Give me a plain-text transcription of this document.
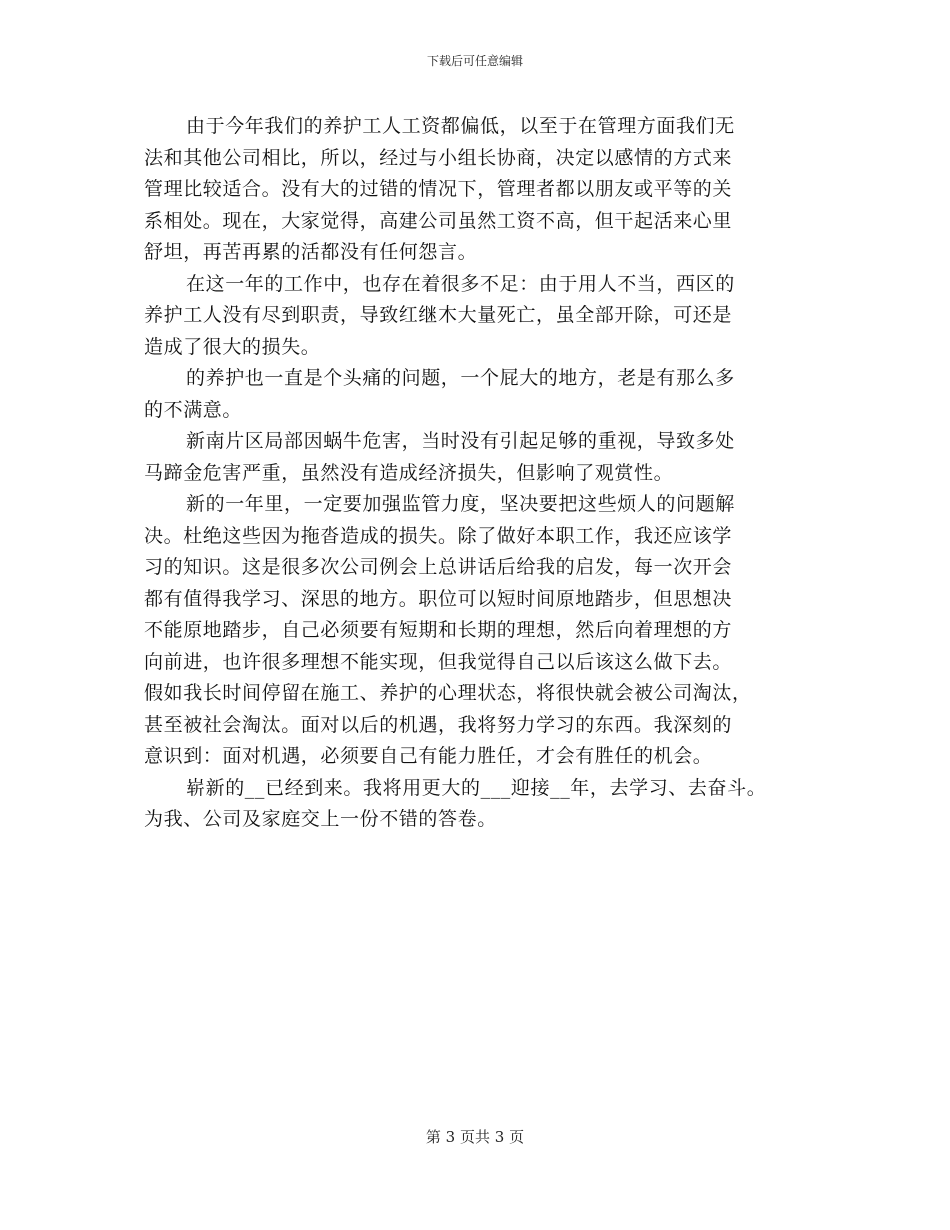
下载后可任意编辑
由于今年我们的养护工人工资都偏低，以至于在管理方面我们无
法和其他公司相比，所以，经过与小组长协商，决定以感情的方式来
管理比较适合。没有大的过错的情况下，管理者都以朋友或平等的关
系相处。现在，大家觉得，高建公司虽然工资不高，但干起活来心里
舒坦，再苦再累的活都没有任何怨言。
在这一年的工作中，也存在着很多不足：由于用人不当，西区的
养护工人没有尽到职责，导致红继木大量死亡，虽全部开除，可还是
造成了很大的损失。
的养护也一直是个头痛的问题，一个屁大的地方，老是有那么多
的不满意。
新南片区局部因蜗牛危害，当时没有引起足够的重视，导致多处
马蹄金危害严重，虽然没有造成经济损失，但影响了观赏性。
新的一年里，一定要加强监管力度，坚决要把这些烦人的问题解
决。杜绝这些因为拖沓造成的损失。除了做好本职工作，我还应该学
习的知识。这是很多次公司例会上总讲话后给我的启发，每一次开会
都有值得我学习、深思的地方。职位可以短时间原地踏步，但思想决
不能原地踏步，自己必须要有短期和长期的理想，然后向着理想的方
向前进，也许很多理想不能实现，但我觉得自己以后该这么做下去。
假如我长时间停留在施工、养护的心理状态，将很快就会被公司淘汰，
甚至被社会淘汰。面对以后的机遇，我将努力学习的东西。我深刻的
意识到：面对机遇，必须要自己有能力胜任，才会有胜任的机会。
崭新的__已经到来。我将用更大的___迎接__年，去学习、去奋斗。
为我、公司及家庭交上一份不错的答卷。
第 3 页共 3 页
